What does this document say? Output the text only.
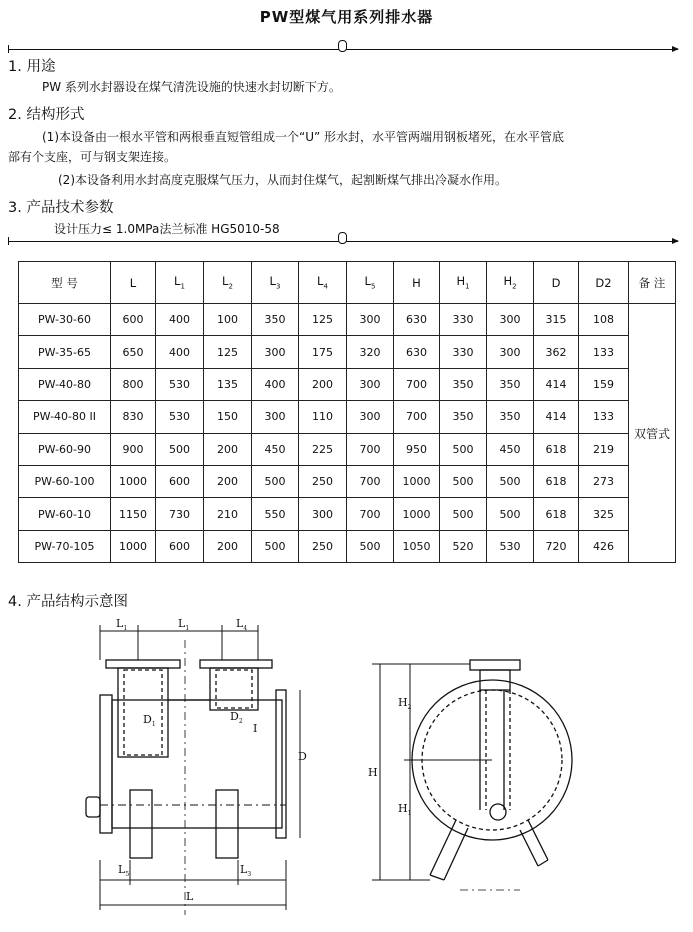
PW型煤气用系列排水器
1. 用途
PW 系列水封器设在煤气清洗设施的快速水封切断下方。
2. 结构形式
(1)本设备由一根水平管和两根垂直短管组成一个“U” 形水封，水平管两端用钢板堵死，在水平管底
部有个支座，可与钢支架连接。
(2)本设备利用水封高度克服煤气压力，从而封住煤气，起割断煤气排出冷凝水作用。
3. 产品技术参数
设计压力≤ 1.0MPa法兰标准 HG5010-58
型 号	L	$L_1$	$L_2$	$L_3$	$L_4$	$L_5$	H	$H_1$	$H_2$	D	D2	备 注
PW-30-60	600	400	100	350	125	300	630	330	300	315	108	双管式
PW-35-65	650	400	125	300	175	320	630	330	300	362	133	
PW-40-80	800	530	135	400	200	300	700	350	350	414	159	
PW-40-80 II	830	530	150	300	110	300	700	350	350	414	133	
PW-60-90	900	500	200	450	225	700	950	500	450	618	219	
PW-60-100	1000	600	200	500	250	700	1000	500	500	618	273	
PW-60-10	1150	730	210	550	300	700	1000	500	500	618	325	
PW-70-105	1000	600	200	500	250	500	1050	520	530	720	426	
4. 产品结构示意图
$L_1$	$L_1$	$L_4$
$D_1$
$D_2$
I
D
$L_5$	$L_3$
L
$H_2$
$H_1$
H
